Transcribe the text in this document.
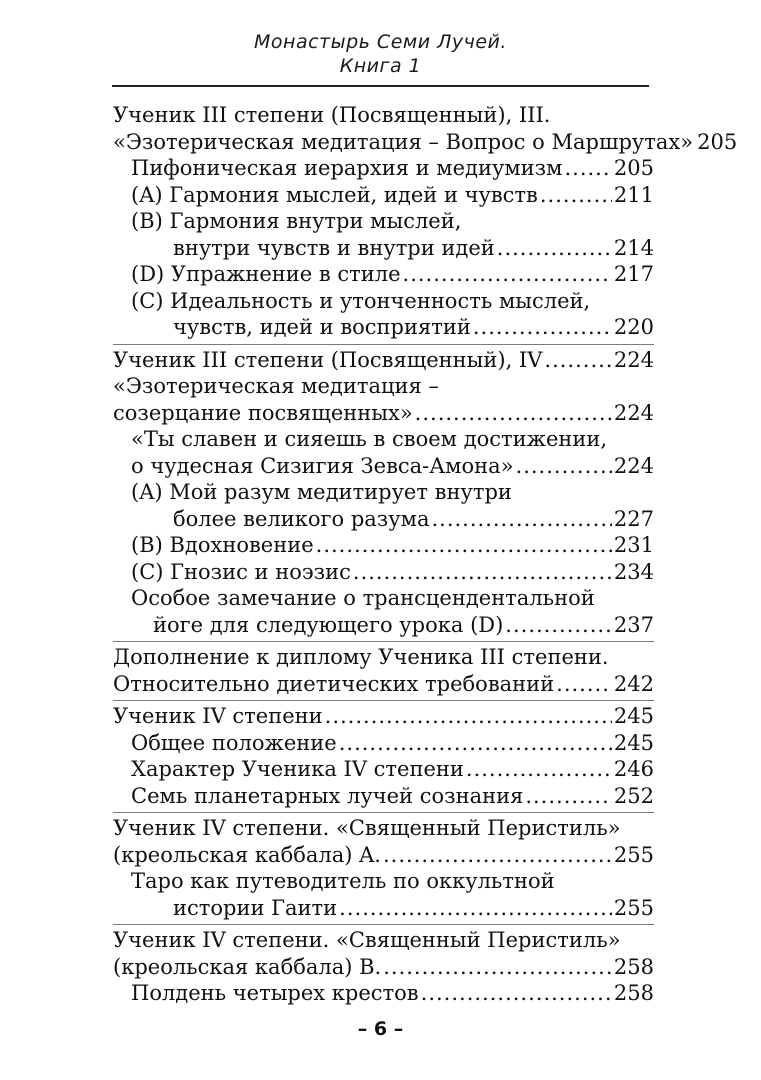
Монастырь Семи Лучей.
Книга 1
Ученик III степени (Посвященный), III.
«Эзотерическая медитация – Вопрос о Маршрутах» 205
Пифоническая иерархия и медиумизм ..... 205
(A) Гармония мыслей, идей и чувств .....	211
(B) Гармония внутри мыслей,
внутри чувств и внутри идей .....	214
(D) Упражнение в стиле .....	217
(C) Идеальность и утонченность мыслей,
чувств, идей и восприятий .....	220
Ученик III степени (Посвященный), IV .....	224
«Эзотерическая медитация –
созерцание посвященных» .....	224
«Ты славен и сияешь в своем достижении,
о чудесная Сизигия Зевса-Амона» .....	224
(A) Мой разум медитирует внутри
более великого разума .....	227
(B) Вдохновение .....	231
(C) Гнозис и ноэзис .....	234
Особое замечание о трансцендентальной
йоге для следующего урока (D) .....	237
Дополнение к диплому Ученика III степени.
Относительно диетических требований .....	242
Ученик IV степени .....	245
Общее положение .....	245
Характер Ученика IV степени .....	246
Семь планетарных лучей сознания .....	252
Ученик IV степени. «Священный Перистиль»
(креольская каббала) A. .....	255
Таро как путеводитель по оккультной
истории Гаити .....	255
Ученик IV степени. «Священный Перистиль»
(креольская каббала) B. .....	258
Полдень четырех крестов .....	258
– 6 –
